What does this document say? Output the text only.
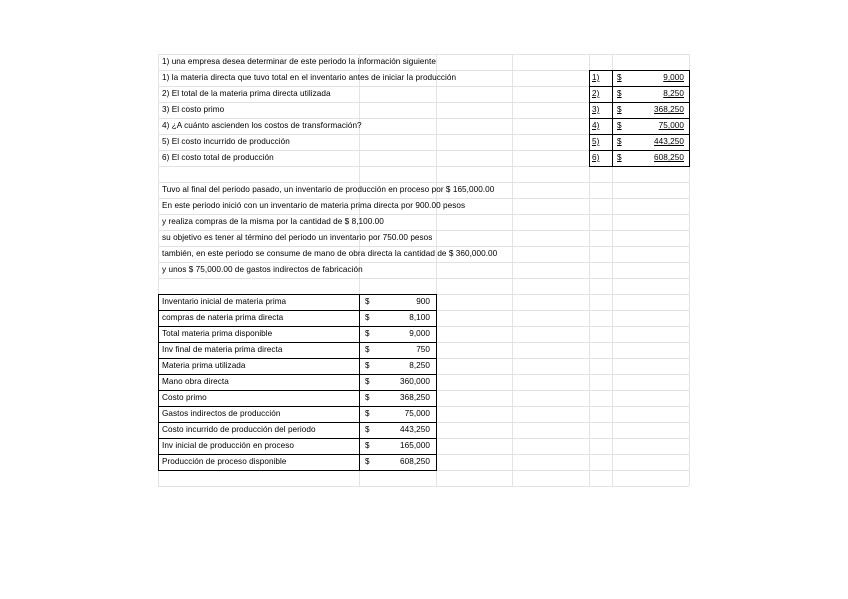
1) una empresa desea determinar de este periodo la información siguiente
1) la materia directa que tuvo total en el inventario antes de iniciar la producción
2) El total de la materia prima directa utilizada
3) El costo primo
4) ¿A cuánto ascienden los costos de transformación?
5) El costo incurrido de producción
6) El costo total de producción
1) $	9,000
2) $	8,250
3) $	368,250
4) $	75,000
5) $	443,250
6) $	608,250
Tuvo al final del periodo pasado, un inventario de producción en proceso por $ 165,000.00
En este periodo inició con un inventario de materia prima directa por 900.00 pesos
y realiza compras de la misma por la cantidad de $ 8,100.00
su objetivo es tener al término del periodo un inventario por 750.00 pesos
también, en este periodo se consume de mano de obra directa la cantidad de $ 360,000.00
y unos $ 75,000.00 de gastos indirectos de fabricación
Inventario inicial de materia prima	$	900
compras de nateria prima directa	$	8,100
Total materia prima disponible	$	9,000
Inv final de materia prima directa	$	750
Materia prima utilizada	$	8,250
Mano obra directa	$	360,000
Costo primo	$	368,250
Gastos indirectos de producción	$	75,000
Costo incurrido de producción del periodo	$	443,250
Inv inicial de producción en proceso	$	165,000
Producción de proceso disponible	$	608,250
